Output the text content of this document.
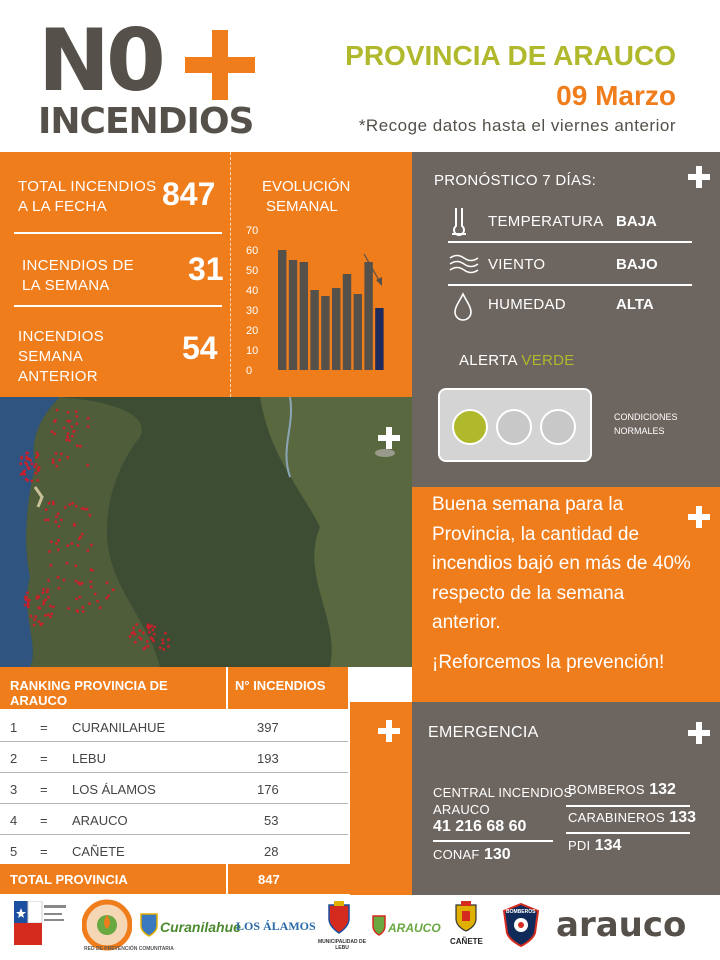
N0
INCENDIOS
PROVINCIA DE ARAUCO
09 Marzo
*Recoge datos hasta el viernes anterior
TOTAL INCENDIOS
A LA FECHA	847
INCENDIOS DE
LA SEMANA	31
INCENDIOS
SEMANA
ANTERIOR
54
EVOLUCIÓN
SEMANAL
70
60
50
40
30
20
10
0
PRONÓSTICO 7 DÍAS:
TEMPERATURA BAJA
VIENTO	BAJO
HUMEDAD	ALTA
ALERTA VERDE
CONDICIONES
NORMALES
Buena semana para la Provincia, la cantidad de incendios bajó en más de 40% respecto de la semana anterior.
¡Reforcemos la prevención!
RANKING PROVINCIA DE ARAUCO
N° INCENDIOS
1 = CURANILAHUE	397
2 = LEBU	193
3 = LOS ÁLAMOS	176
4 = ARAUCO	53
5 = CAÑETE	28
TOTAL PROVINCIA	847
EMERGENCIA
CENTRAL INCENDIOS
ARAUCO
41 216 68 60
CONAF 130
BOMBEROS 132
CARABINEROS 133
PDI 134
RED DE PREVENCIÓN COMUNITARIA
Curanilahue
LOS ÁLAMOS
MUNICIPALIDAD DE LEBU
ARAUCO
CAÑETE
BOMBEROS arauco
